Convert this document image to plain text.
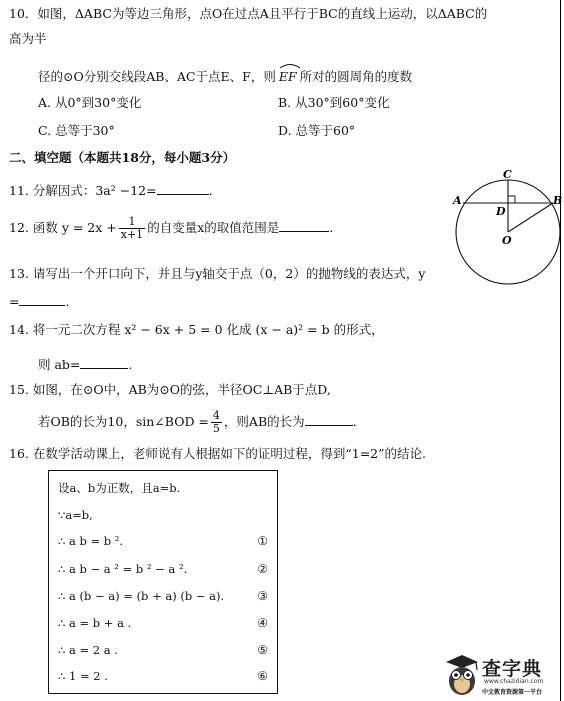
10．如图，ΔABC为等边三角形，点O在过点A且平行于BC的直线上运动，以ΔABC的
高为半
径的⊙O分别交线段AB、AC于点E、F，则 EF 所对的圆周角的度数
A. 从0°到30°变化	B. 从30°到60°变化
C. 总等于30°	D. 总等于60°
二、填空题（本题共18分，每小题3分）
11. 分解因式：3a² −12=	.
12. 函数 $y = 2x + \frac{1}{x+1}$ 的自变量x的取值范围是	.
13. 请写出一个开口向下，并且与y轴交于点（0，2）的抛物线的表达式，y
=	.
14. 将一元二次方程 x² − 6x + 5 = 0 化成 (x − a)² = b 的形式，
则 ab=	.
15. 如图，在⊙O中，AB为⊙O的弦，半径OC⊥AB于点D,
若OB的长为10，sin∠BOD = $\frac{4}{5}$ ，则AB的长为	.
16. 在数学活动课上，老师说有人根据如下的证明过程，得到“1=2”的结论.
设a、b为正数，且a=b.
∵a=b,
∴ a b = b ².	①
∴ a b − a ² = b ² − a ².	②
∴ a (b − a) = (b + a) (b − a).	③
∴ a = b + a .	④
∴ a = 2 a .	⑤
∴ 1 = 2 .	⑥
C
A	B
D
O
查字典
www.chazidian.com
中文教育资源第一平台
